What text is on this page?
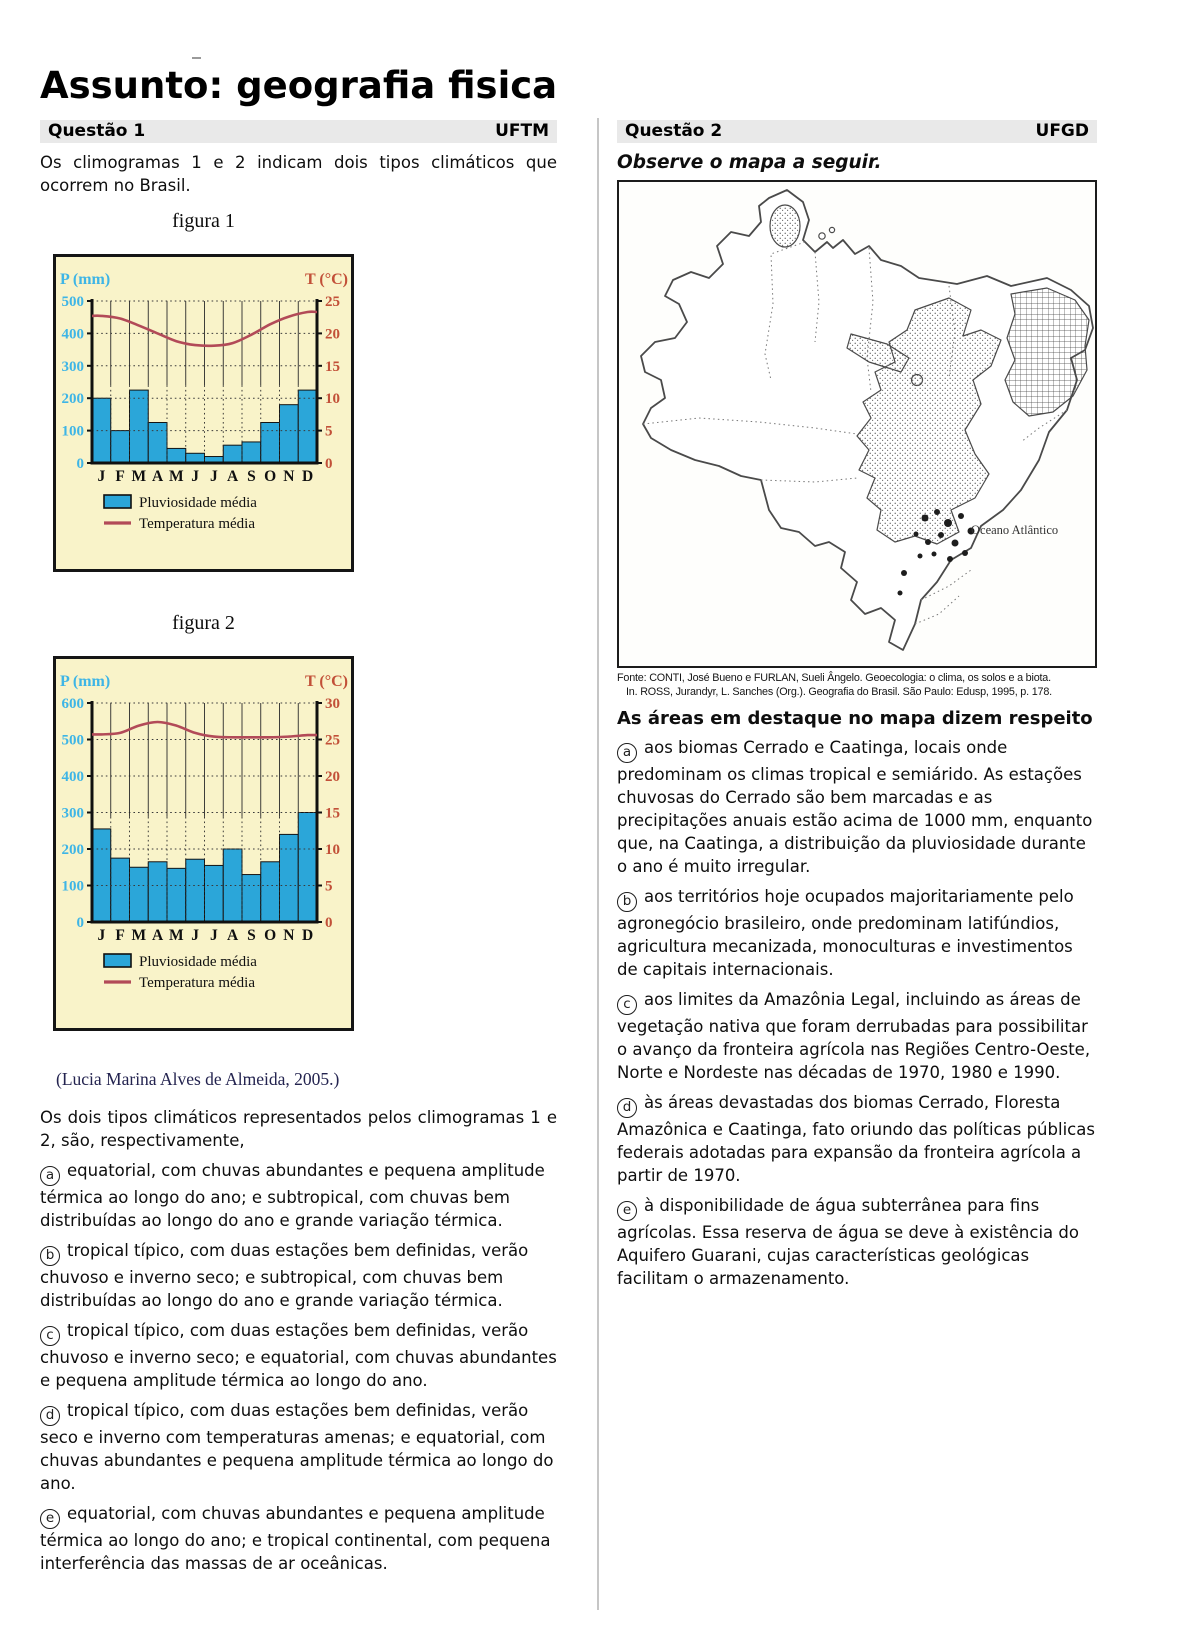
Assunto: geografia fisica
Questão 1	UFTM

Os climogramas 1 e 2 indicam dois tipos climáticos que ocorrem no Brasil.

figura 1
0
100
200
300
400
500
0
5
10
15
20
25
P (mm)	T (°C)
J F M A M J J A S O N D
Pluviosidade média
Temperatura média
figura 2
0
100
200
300
400
500
600
0
5
10
15
20
25
30
P (mm)	T (°C)
J F M A M J J A S O N D
Pluviosidade média
Temperatura média
(Lucia Marina Alves de Almeida, 2005.)

Os dois tipos climáticos representados pelos climogramas 1 e 2, são, respectivamente,

a equatorial, com chuvas abundantes e pequena amplitude térmica ao longo do ano; e subtropical, com chuvas bem distribuídas ao longo do ano e grande variação térmica.
b tropical típico, com duas estações bem definidas, verão chuvoso e inverno seco; e subtropical, com chuvas bem distribuídas ao longo do ano e grande variação térmica.
c tropical típico, com duas estações bem definidas, verão chuvoso e inverno seco; e equatorial, com chuvas abundantes e pequena amplitude térmica ao longo do ano.
d tropical típico, com duas estações bem definidas, verão seco e inverno com temperaturas amenas; e equatorial, com chuvas abundantes e pequena amplitude térmica ao longo do ano.
e equatorial, com chuvas abundantes e pequena amplitude térmica ao longo do ano; e tropical continental, com pequena interferência das massas de ar oceânicas.
Questão 2	UFGD

Observe o mapa a seguir.

Oceano Atlântico
Fonte: CONTI, José Bueno e FURLAN, Sueli Ângelo. Geoecologia: o clima, os solos e a biota.
In. ROSS, Jurandyr, L. Sanches (Org.). Geografia do Brasil. São Paulo: Edusp, 1995, p. 178.

As áreas em destaque no mapa dizem respeito

a aos biomas Cerrado e Caatinga, locais onde predominam os climas tropical e semiárido. As estações chuvosas do Cerrado são bem marcadas e as precipitações anuais estão acima de 1000 mm, enquanto que, na Caatinga, a distribuição da pluviosidade durante o ano é muito irregular.
b aos territórios hoje ocupados majoritariamente pelo agronegócio brasileiro, onde predominam latifúndios, agricultura mecanizada, monoculturas e investimentos de capitais internacionais.
c aos limites da Amazônia Legal, incluindo as áreas de vegetação nativa que foram derrubadas para possibilitar o avanço da fronteira agrícola nas Regiões Centro-Oeste, Norte e Nordeste nas décadas de 1970, 1980 e 1990.
d às áreas devastadas dos biomas Cerrado, Floresta Amazônica e Caatinga, fato oriundo das políticas públicas federais adotadas para expansão da fronteira agrícola a partir de 1970.
e à disponibilidade de água subterrânea para fins agrícolas. Essa reserva de água se deve à existência do Aquifero Guarani, cujas características geológicas facilitam o armazenamento.
